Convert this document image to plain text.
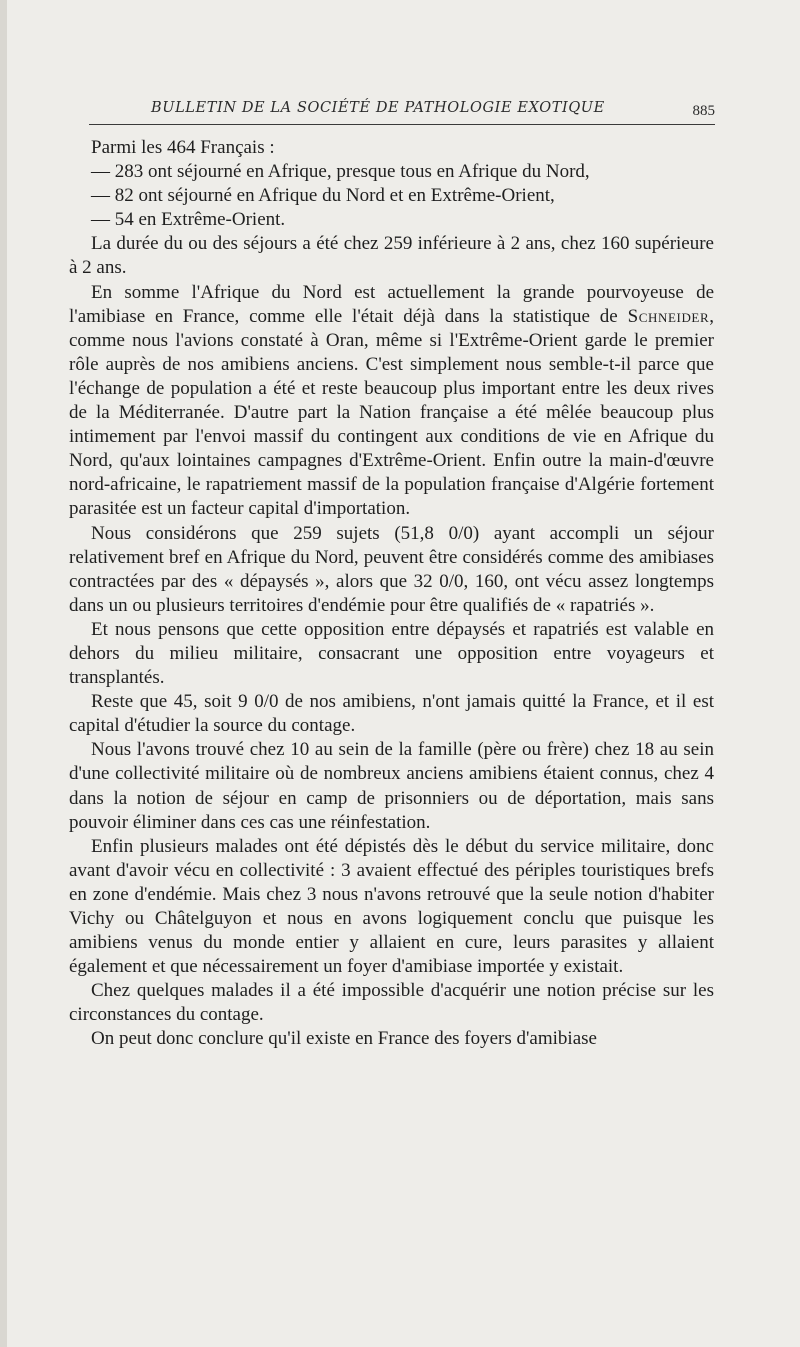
BULLETIN DE LA SOCIÉTÉ DE PATHOLOGIE EXOTIQUE	885

Parmi les 464 Français :

— 283 ont séjourné en Afrique, presque tous en Afrique du Nord,

— 82 ont séjourné en Afrique du Nord et en Extrême-Orient,

— 54 en Extrême-Orient.

La durée du ou des séjours a été chez 259 inférieure à 2 ans, chez 160 supérieure à 2 ans.

En somme l'Afrique du Nord est actuellement la grande pourvoyeuse de l'amibiase en France, comme elle l'était déjà dans la statistique de Schneider, comme nous l'avions constaté à Oran, même si l'Extrême-Orient garde le premier rôle auprès de nos amibiens anciens. C'est simplement nous semble-t-il parce que l'échange de population a été et reste beaucoup plus important entre les deux rives de la Méditerranée. D'autre part la Nation française a été mêlée beaucoup plus intimement par l'envoi massif du contingent aux conditions de vie en Afrique du Nord, qu'aux lointaines campagnes d'Extrême-Orient. Enfin outre la main-d'œuvre nord-africaine, le rapatriement massif de la population française d'Algérie fortement parasitée est un facteur capital d'importation.

Nous considérons que 259 sujets (51,8 0/0) ayant accompli un séjour relativement bref en Afrique du Nord, peuvent être considérés comme des amibiases contractées par des « dépaysés », alors que 32 0/0, 160, ont vécu assez longtemps dans un ou plusieurs territoires d'endémie pour être qualifiés de « rapatriés ».

Et nous pensons que cette opposition entre dépaysés et rapatriés est valable en dehors du milieu militaire, consacrant une opposition entre voyageurs et transplantés.

Reste que 45, soit 9 0/0 de nos amibiens, n'ont jamais quitté la France, et il est capital d'étudier la source du contage.

Nous l'avons trouvé chez 10 au sein de la famille (père ou frère) chez 18 au sein d'une collectivité militaire où de nombreux anciens amibiens étaient connus, chez 4 dans la notion de séjour en camp de prisonniers ou de déportation, mais sans pouvoir éliminer dans ces cas une réinfestation.

Enfin plusieurs malades ont été dépistés dès le début du service militaire, donc avant d'avoir vécu en collectivité : 3 avaient effectué des périples touristiques brefs en zone d'endémie. Mais chez 3 nous n'avons retrouvé que la seule notion d'habiter Vichy ou Châtelguyon et nous en avons logiquement conclu que puisque les amibiens venus du monde entier y allaient en cure, leurs parasites y allaient également et que nécessairement un foyer d'amibiase importée y existait.

Chez quelques malades il a été impossible d'acquérir une notion précise sur les circonstances du contage.

On peut donc conclure qu'il existe en France des foyers d'amibiase
